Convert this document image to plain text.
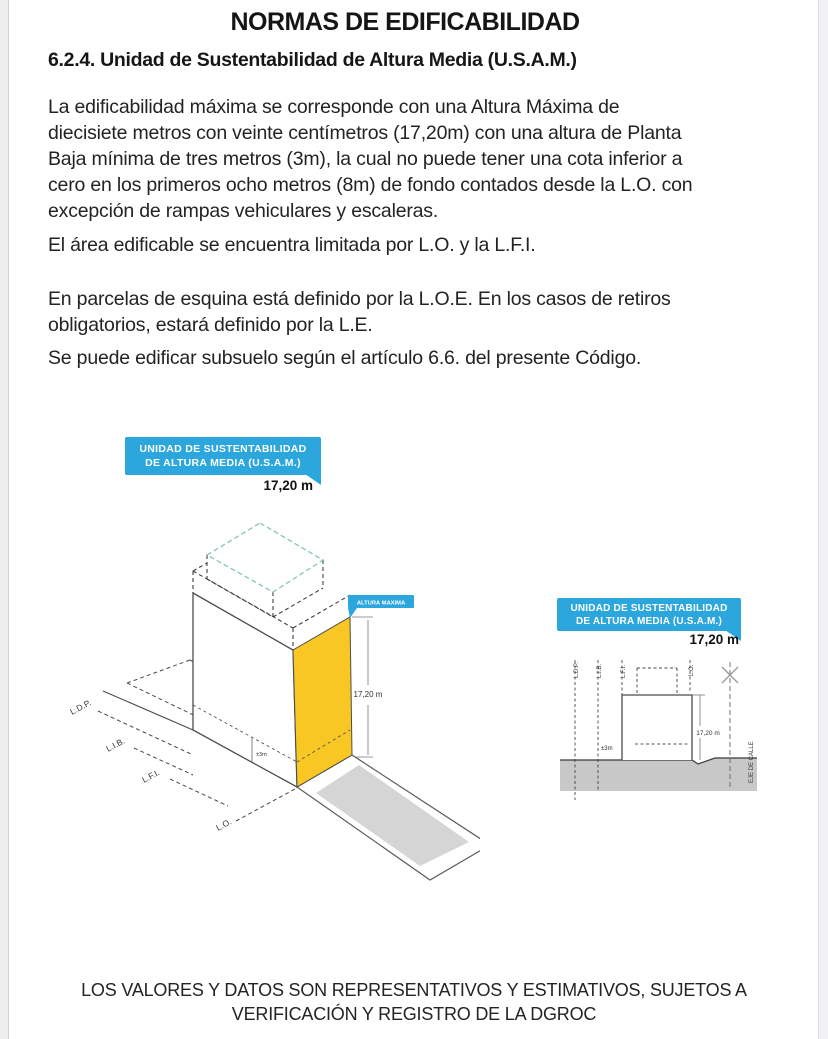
NORMAS DE EDIFICABILIDAD
6.2.4. Unidad de Sustentabilidad de Altura Media (U.S.A.M.)
La edificabilidad máxima se corresponde con una Altura Máxima de
diecisiete metros con veinte centímetros (17,20m) con una altura de Planta
Baja mínima de tres metros (3m), la cual no puede tener una cota inferior a
cero en los primeros ocho metros (8m) de fondo contados desde la L.O. con
excepción de rampas vehiculares y escaleras.
El área edificable se encuentra limitada por L.O. y la L.F.I.
En parcelas de esquina está definido por la L.O.E. En los casos de retiros
obligatorios, estará definido por la L.E.
Se puede edificar subsuelo según el artículo 6.6. del presente Código.
UNIDAD DE SUSTENTABILIDAD
DE ALTURA MEDIA (U.S.A.M.)
17,20 m
L.D.P.
L.I.B.
L.F.I.
±3m
L.O.
17,20 m
ALTURA MAXIMA	UNIDAD DE SUSTENTABILIDAD
DE ALTURA MEDIA (U.S.A.M.)
17,20 m
L.D.P.	L.I.B.	L.F.I.	L.O.
±3m
17,20 m
EJE DE CALLE
LOS VALORES Y DATOS SON REPRESENTATIVOS Y ESTIMATIVOS, SUJETOS A
VERIFICACIÓN Y REGISTRO DE LA DGROC
